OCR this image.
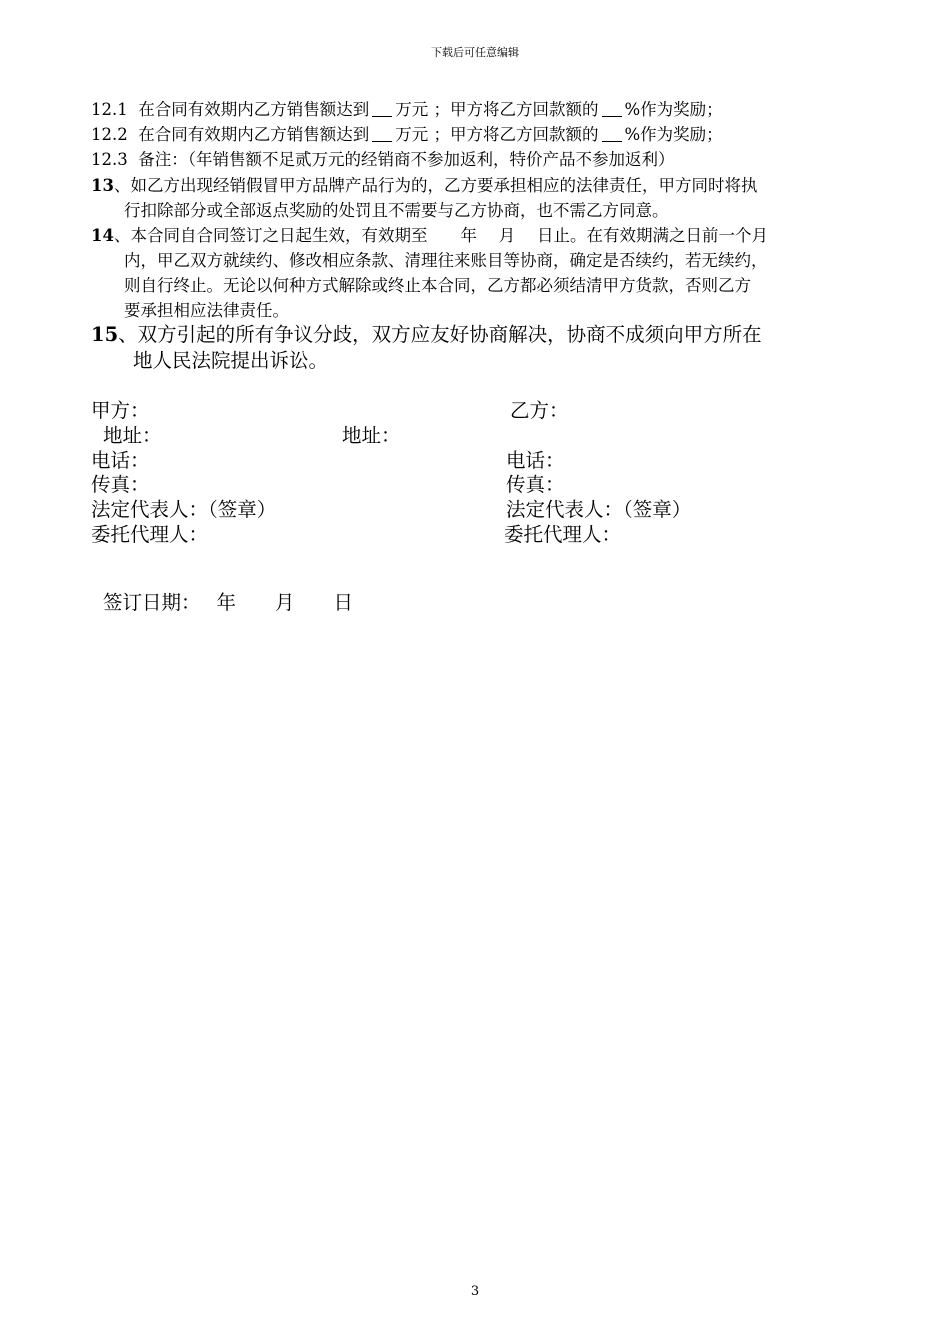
下载后可任意编辑
12.1 在合同有效期内乙方销售额达到 万元 ；甲方将乙方回款额的 %作为奖励；
12.2 在合同有效期内乙方销售额达到 万元 ；甲方将乙方回款额的 %作为奖励；
12.3 备注：（年销售额不足贰万元的经销商不参加返利，特价产品不参加返利）
13、如乙方出现经销假冒甲方品牌产品行为的，乙方要承担相应的法律责任，甲方同时将执
行扣除部分或全部返点奖励的处罚且不需要与乙方协商，也不需乙方同意。
14、本合同自合同签订之日起生效，有效期至　　年　 月　 日止。在有效期满之日前一个月
内，甲乙双方就续约、修改相应条款、清理往来账目等协商，确定是否续约，若无续约，
则自行终止。无论以何种方式解除或终止本合同，乙方都必须结清甲方货款，否则乙方
要承担相应法律责任。
15、双方引起的所有争议分歧，双方应友好协商解决，协商不成须向甲方所在
地人民法院提出诉讼。
甲方：	乙方：
地址：	地址：
电话：	电话：
传真：	传真：
法定代表人：（签章）	法定代表人：（签章）
委托代理人：	委托代理人：
签订日期：　 年　　月　　日
3
